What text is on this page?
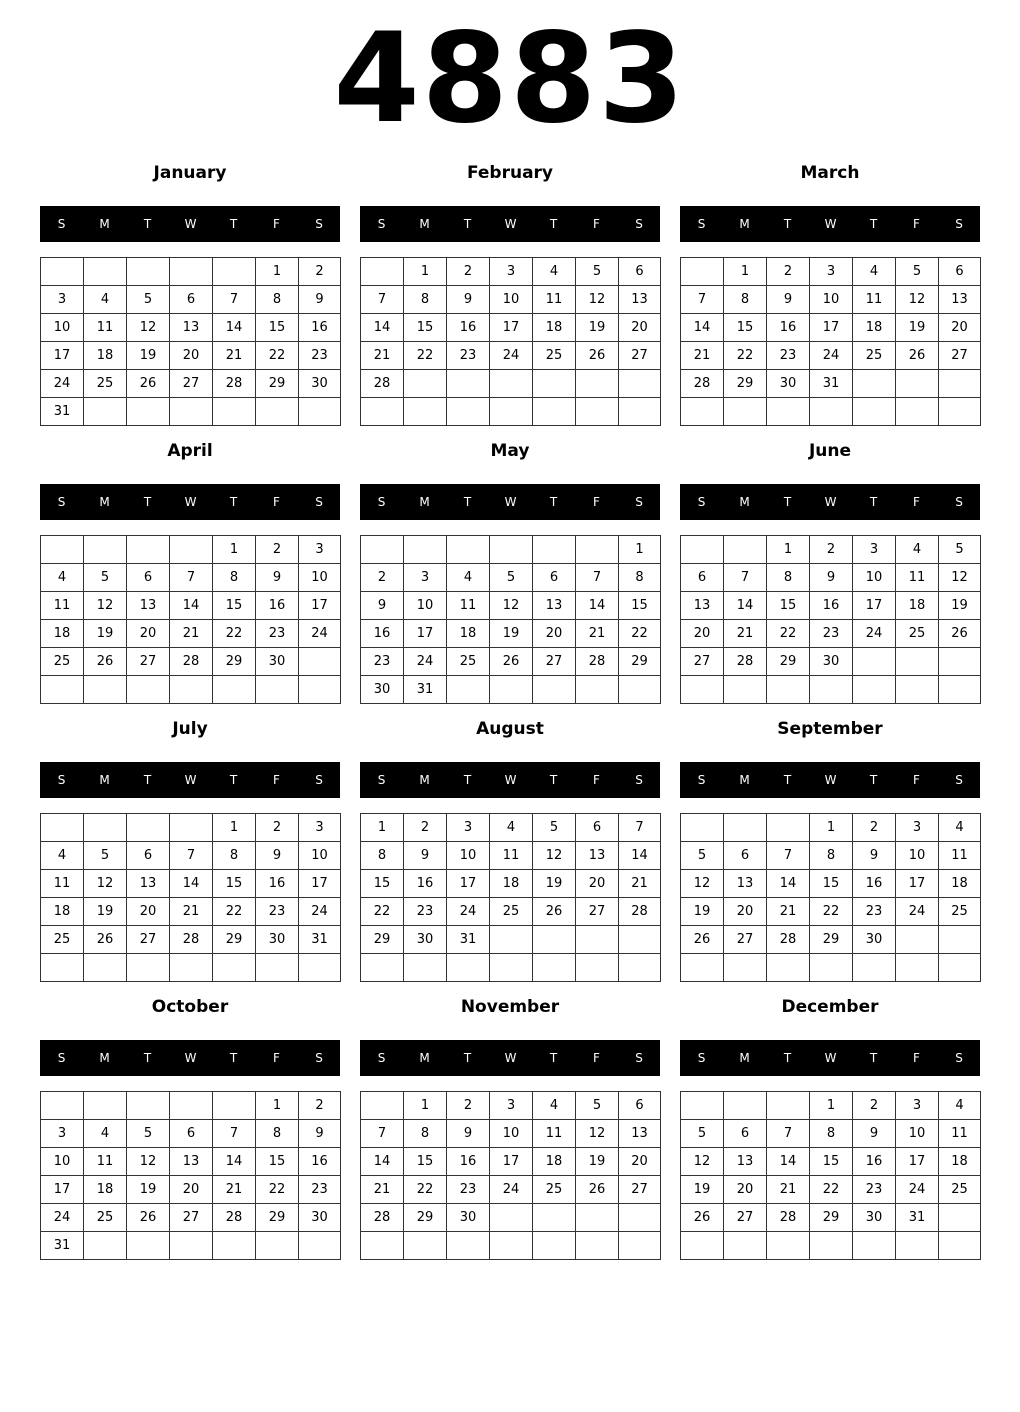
4883
January
S	M	T	W	T	F	S
					1	2
3	4	5	6	7	8	9
10	11	12	13	14	15	16
17	18	19	20	21	22	23
24	25	26	27	28	29	30
31						
February
S	M	T	W	T	F	S
	1	2	3	4	5	6
7	8	9	10	11	12	13
14	15	16	17	18	19	20
21	22	23	24	25	26	27
28						

March
S	M	T	W	T	F	S
	1	2	3	4	5	6
7	8	9	10	11	12	13
14	15	16	17	18	19	20
21	22	23	24	25	26	27
28	29	30	31			

April
S	M	T	W	T	F	S
				1	2	3
4	5	6	7	8	9	10
11	12	13	14	15	16	17
18	19	20	21	22	23	24
25	26	27	28	29	30	

May
S	M	T	W	T	F	S
						1
2	3	4	5	6	7	8
9	10	11	12	13	14	15
16	17	18	19	20	21	22
23	24	25	26	27	28	29
30	31					
June
S	M	T	W	T	F	S
		1	2	3	4	5
6	7	8	9	10	11	12
13	14	15	16	17	18	19
20	21	22	23	24	25	26
27	28	29	30			

July
S	M	T	W	T	F	S
				1	2	3
4	5	6	7	8	9	10
11	12	13	14	15	16	17
18	19	20	21	22	23	24
25	26	27	28	29	30	31

August
S	M	T	W	T	F	S
1	2	3	4	5	6	7
8	9	10	11	12	13	14
15	16	17	18	19	20	21
22	23	24	25	26	27	28
29	30	31				

September
S	M	T	W	T	F	S
			1	2	3	4
5	6	7	8	9	10	11
12	13	14	15	16	17	18
19	20	21	22	23	24	25
26	27	28	29	30		

October
S	M	T	W	T	F	S
					1	2
3	4	5	6	7	8	9
10	11	12	13	14	15	16
17	18	19	20	21	22	23
24	25	26	27	28	29	30
31						
November
S	M	T	W	T	F	S
	1	2	3	4	5	6
7	8	9	10	11	12	13
14	15	16	17	18	19	20
21	22	23	24	25	26	27
28	29	30				

December
S	M	T	W	T	F	S
			1	2	3	4
5	6	7	8	9	10	11
12	13	14	15	16	17	18
19	20	21	22	23	24	25
26	27	28	29	30	31	
